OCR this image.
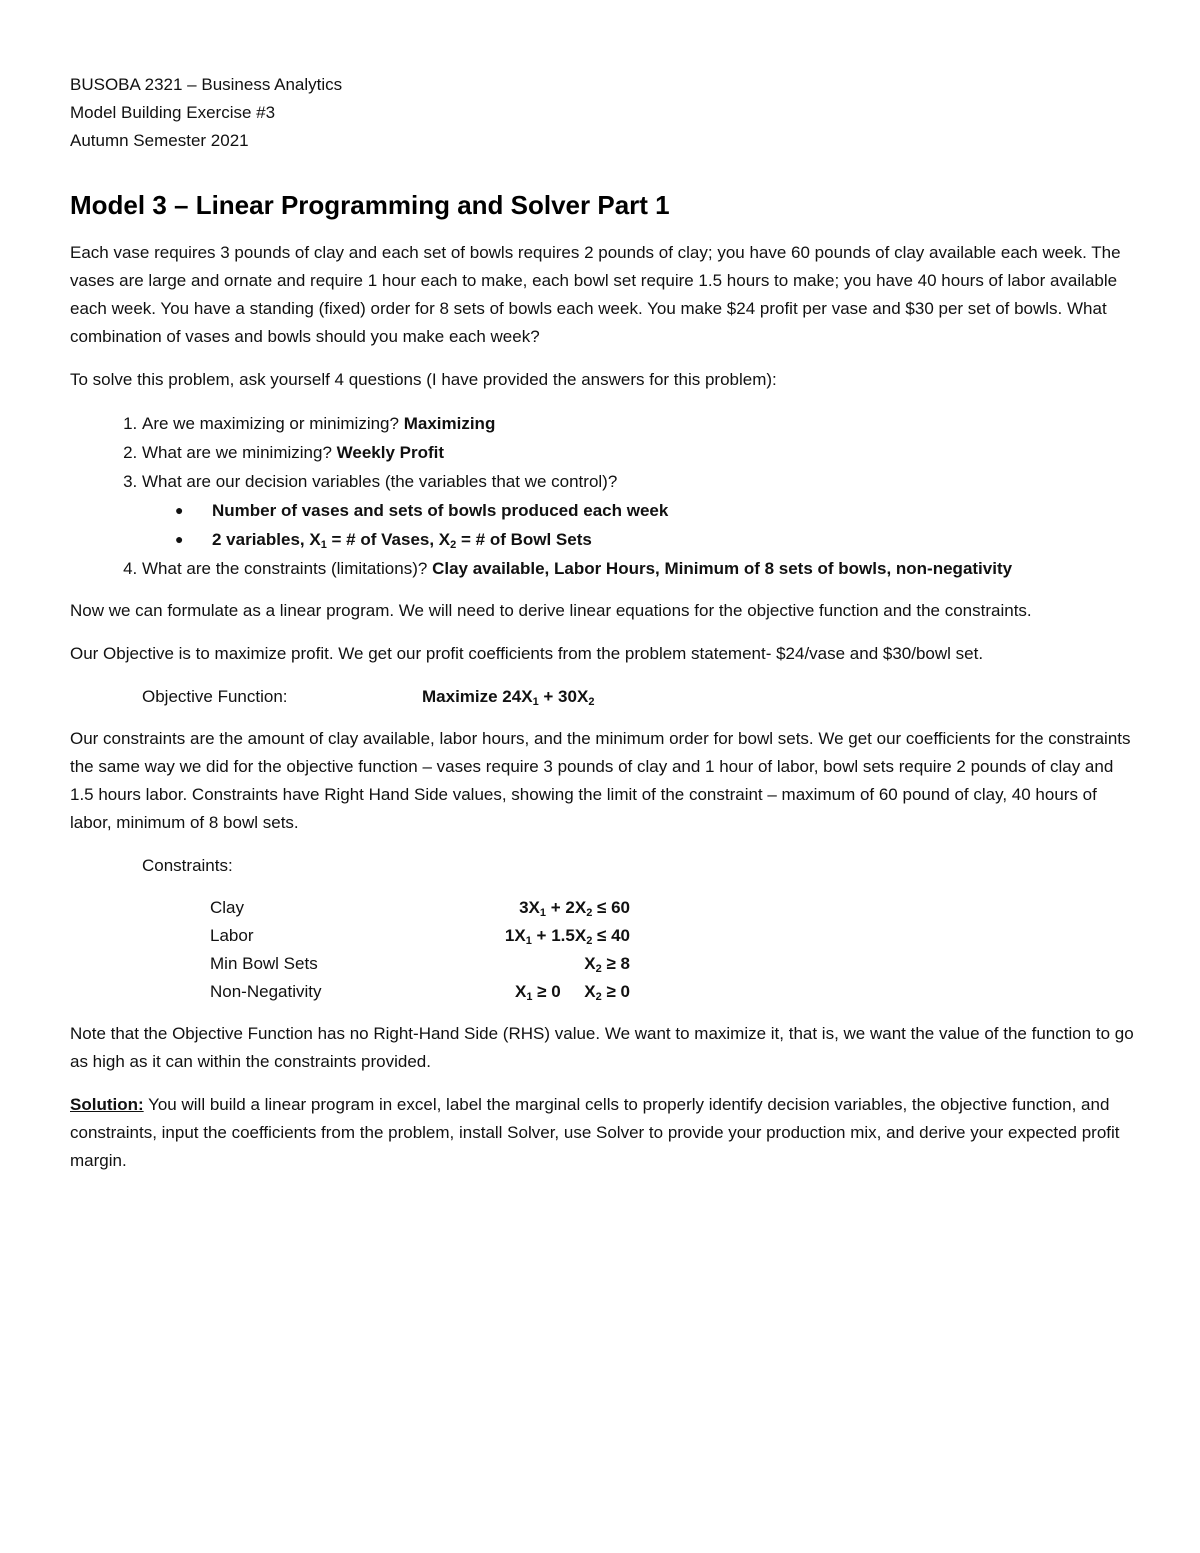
BUSOBA 2321 – Business Analytics
Model Building Exercise #3
Autumn Semester 2021
Model 3 – Linear Programming and Solver Part 1

Each vase requires 3 pounds of clay and each set of bowls requires 2 pounds of clay; you have 60 pounds of clay available each week. The vases are large and ornate and require 1 hour each to make, each bowl set require 1.5 hours to make; you have 40 hours of labor available each week. You have a standing (fixed) order for 8 sets of bowls each week. You make $24 profit per vase and $30 per set of bowls. What combination of vases and bowls should you make each week?

To solve this problem, ask yourself 4 questions (I have provided the answers for this problem):

1. Are we maximizing or minimizing? Maximizing
2. What are we minimizing? Weekly Profit
3. What are our decision variables (the variables that we control)?
● Number of vases and sets of bowls produced each week
● 2 variables, $X_1$ = # of Vases, $X_2$ = # of Bowl Sets
4. What are the constraints (limitations)? Clay available, Labor Hours, Minimum of 8 sets of bowls, non-negativity

Now we can formulate as a linear program. We will need to derive linear equations for the objective function and the constraints.

Our Objective is to maximize profit. We get our profit coefficients from the problem statement- $24/vase and $30/bowl set.

Objective Function:	Maximize $24X_1 + 30X_2$

Our constraints are the amount of clay available, labor hours, and the minimum order for bowl sets. We get our coefficients for the constraints the same way we did for the objective function – vases require 3 pounds of clay and 1 hour of labor, bowl sets require 2 pounds of clay and 1.5 hours labor. Constraints have Right Hand Side values, showing the limit of the constraint – maximum of 60 pound of clay, 40 hours of labor, minimum of 8 bowl sets.

Constraints:
Clay	$3X_1 + 2X_2 \le 60$
Labor	$1X_1 + 1.5X_2 \le 40$
Min Bowl Sets	$X_2 \ge 8$
Non-Negativity	$X_1 \ge 0$     $X_2 \ge 0$

Note that the Objective Function has no Right-Hand Side (RHS) value. We want to maximize it, that is, we want the value of the function to go as high as it can within the constraints provided.

Solution: You will build a linear program in excel, label the marginal cells to properly identify decision variables, the objective function, and constraints, input the coefficients from the problem, install Solver, use Solver to provide your production mix, and derive your expected profit margin.
